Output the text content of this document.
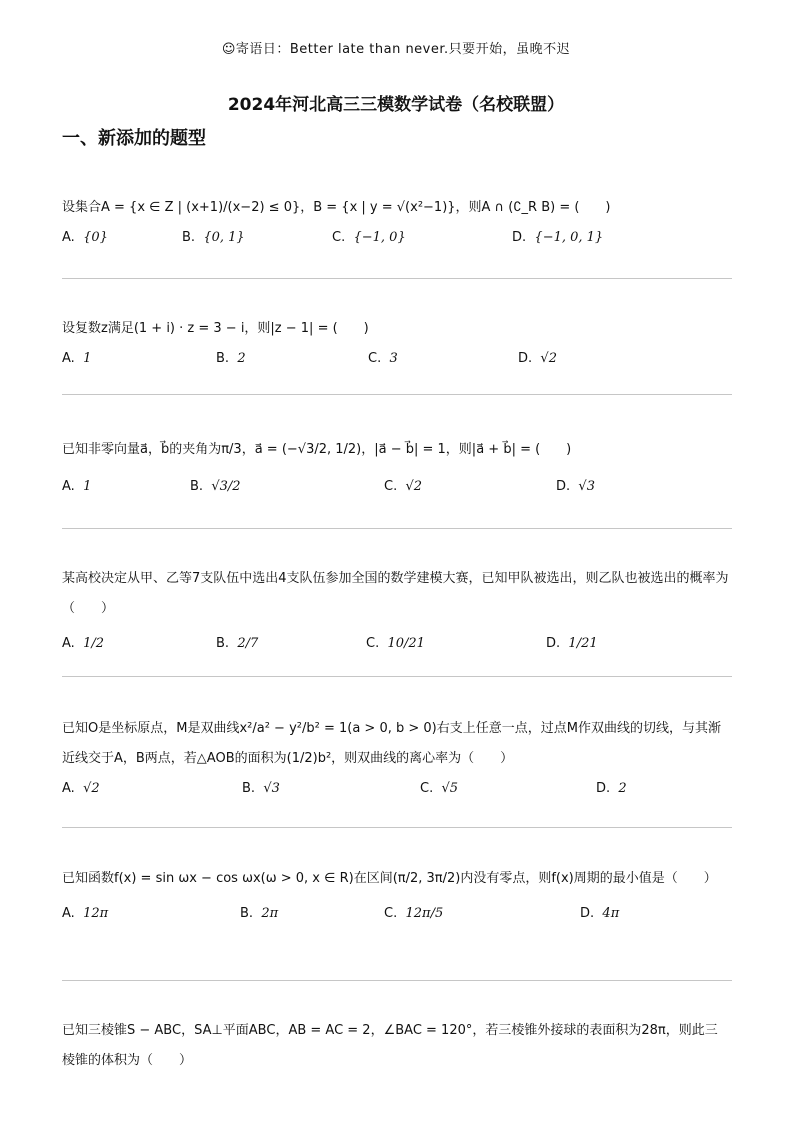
☺寄语日：Better late than never.只要开始，虽晚不迟
2024年河北高三三模数学试卷（名校联盟）
一、新添加的题型
设集合A = {x ∈ Z | (x+1)/(x−2) ≤ 0}，B = {x | y = √(x²−1)}，则A ∩ (∁_R B) = (　　)
A. {0}	B. {0, 1}	C. {−1, 0}	D. {−1, 0, 1}
设复数z满足(1 + i) · z = 3 − i，则|z − 1| = (　　)
A. 1	B. 2	C. 3	D. √2
已知非零向量a⃗，b⃗的夹角为π/3，a⃗ = (−√3/2, 1/2)，|a⃗ − b⃗| = 1，则|a⃗ + b⃗| = (　　)
A. 1	B. √3/2	C. √2	D. √3
某高校决定从甲、乙等7支队伍中选出4支队伍参加全国的数学建模大赛，已知甲队被选出，则乙队也被选出的概率为（　　）
A. 1/2	B. 2/7	C. 10/21	D. 1/21
已知O是坐标原点，M是双曲线x²/a² − y²/b² = 1(a > 0, b > 0)右支上任意一点，过点M作双曲线的切线，与其渐近线交于A，B两点，若△AOB的面积为(1/2)b²，则双曲线的离心率为（　　）
A. √2	B. √3	C. √5	D. 2
已知函数f(x) = sin ωx − cos ωx(ω > 0, x ∈ R)在区间(π/2, 3π/2)内没有零点，则f(x)周期的最小值是（　　）
A. 12π	B. 2π	C. 12π/5	D. 4π
已知三棱锥S − ABC，SA⊥平面ABC，AB = AC = 2，∠BAC = 120°，若三棱锥外接球的表面积为28π，则此三棱锥的体积为（　　）
